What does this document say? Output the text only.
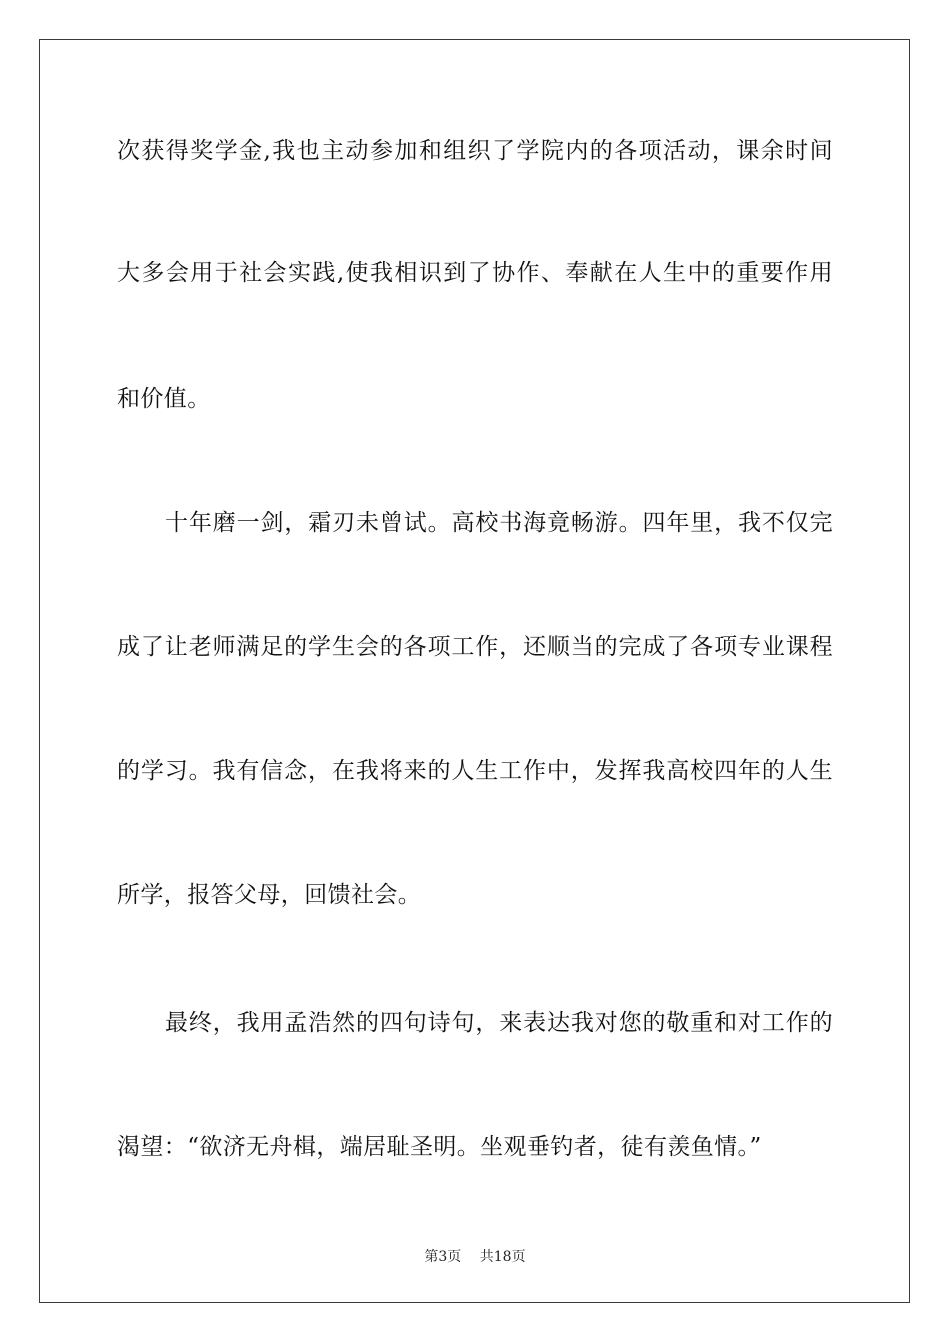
次获得奖学金,我也主动参加和组织了学院内的各项活动，课余时间
大多会用于社会实践,使我相识到了协作、奉献在人生中的重要作用
和价值。
十年磨一剑，霜刃未曾试。高校书海竟畅游。四年里，我不仅完
成了让老师满足的学生会的各项工作，还顺当的完成了各项专业课程
的学习。我有信念，在我将来的人生工作中，发挥我高校四年的人生
所学，报答父母，回馈社会。
最终，我用孟浩然的四句诗句，来表达我对您的敬重和对工作的
渴望：“欲济无舟楫，端居耻圣明。坐观垂钓者，徒有羡鱼情。”
第3页 共18页
